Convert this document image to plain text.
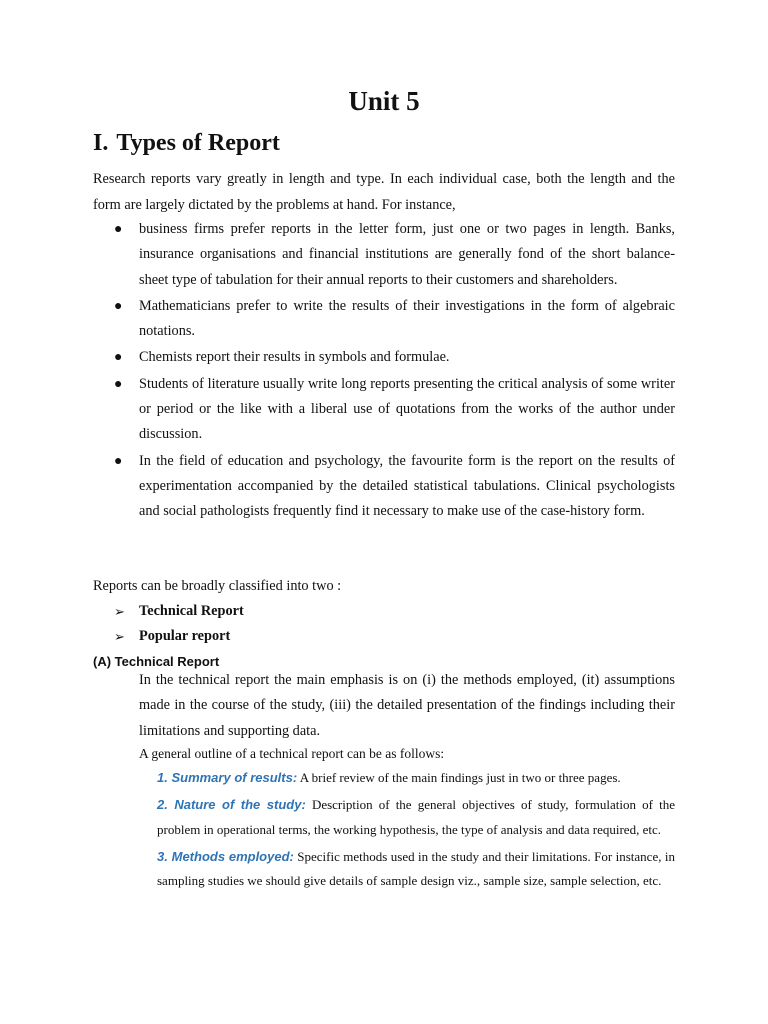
Unit 5
I. Types of Report
Research reports vary greatly in length and type. In each individual case, both the length and the form are largely dictated by the problems at hand. For instance,
● business firms prefer reports in the letter form, just one or two pages in length. Banks, insurance organisations and financial institutions are generally fond of the short balance-sheet type of tabulation for their annual reports to their customers and shareholders.
● Mathematicians prefer to write the results of their investigations in the form of algebraic notations.
● Chemists report their results in symbols and formulae.
● Students of literature usually write long reports presenting the critical analysis of some writer or period or the like with a liberal use of quotations from the works of the author under discussion.
● In the field of education and psychology, the favourite form is the report on the results of experimentation accompanied by the detailed statistical tabulations. Clinical psychologists and social pathologists frequently find it necessary to make use of the case-history form.
Reports can be broadly classified into two :
➢ Technical Report
➢ Popular report
(A) Technical Report
In the technical report the main emphasis is on (i) the methods employed, (it) assumptions made in the course of the study, (iii) the detailed presentation of the findings including their limitations and supporting data.
A general outline of a technical report can be as follows:
1. Summary of results: A brief review of the main findings just in two or three pages.
2. Nature of the study: Description of the general objectives of study, formulation of the problem in operational terms, the working hypothesis, the type of analysis and data required, etc.
3. Methods employed: Specific methods used in the study and their limitations. For instance, in sampling studies we should give details of sample design viz., sample size, sample selection, etc.
